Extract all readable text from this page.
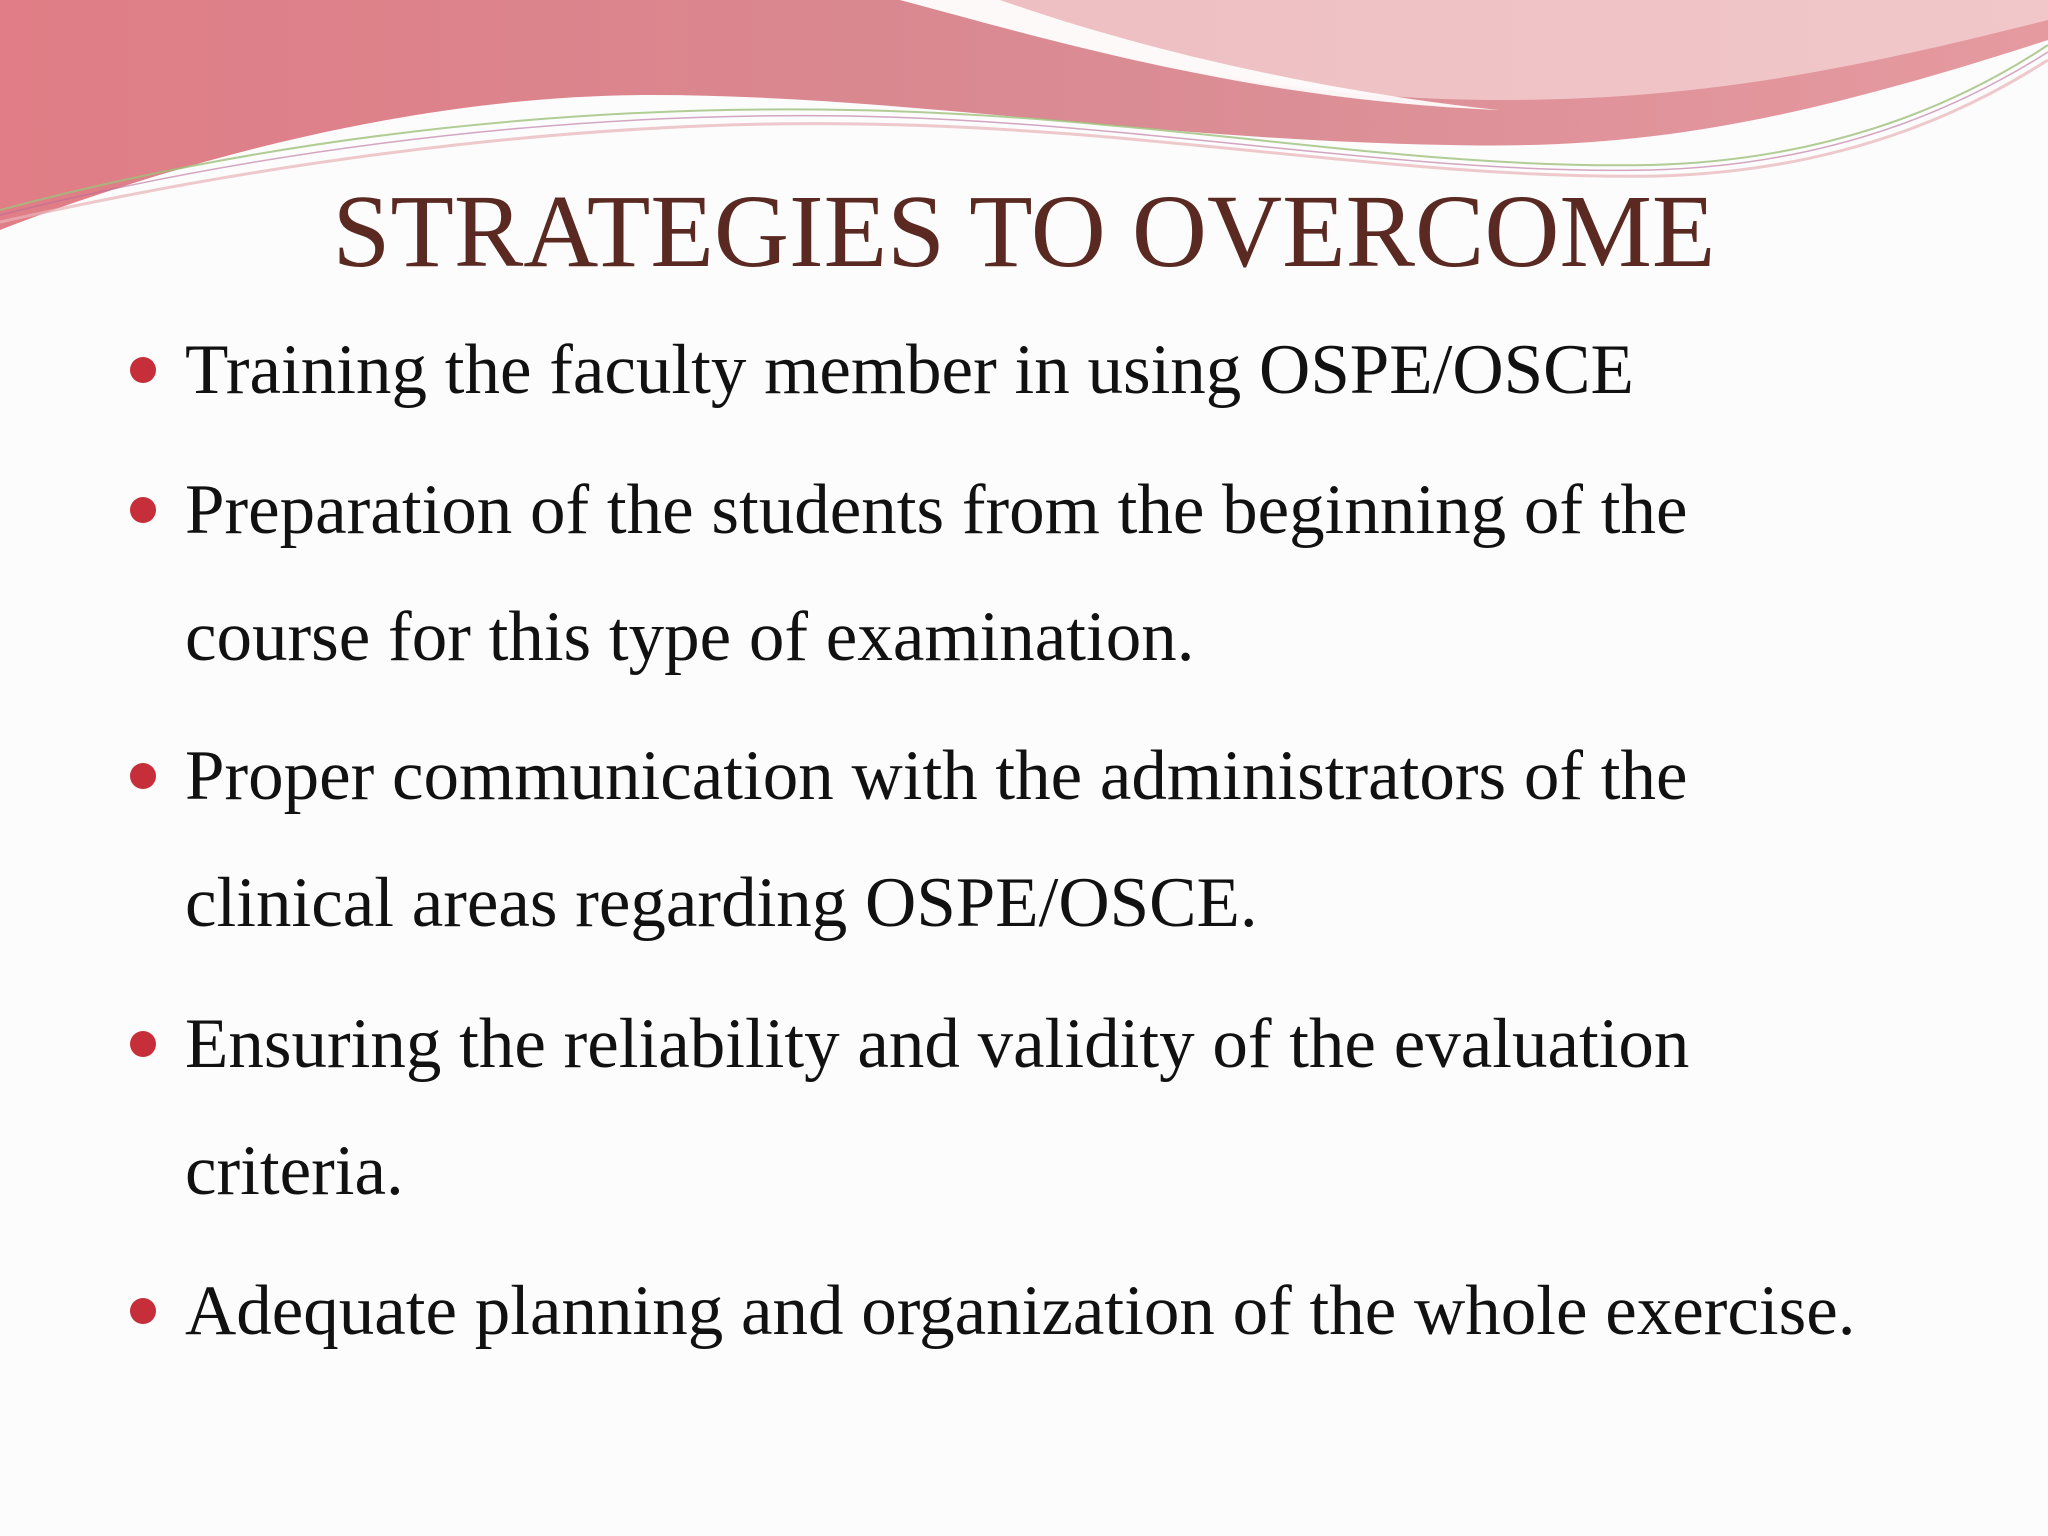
STRATEGIES TO OVERCOME
Training the faculty member in using OSPE/OSCE
Preparation of the students from the beginning of the
course for this type of examination.
Proper communication with the administrators of the
clinical areas regarding OSPE/OSCE.
Ensuring the reliability and validity of the evaluation
criteria.
Adequate planning and organization of the whole exercise.
